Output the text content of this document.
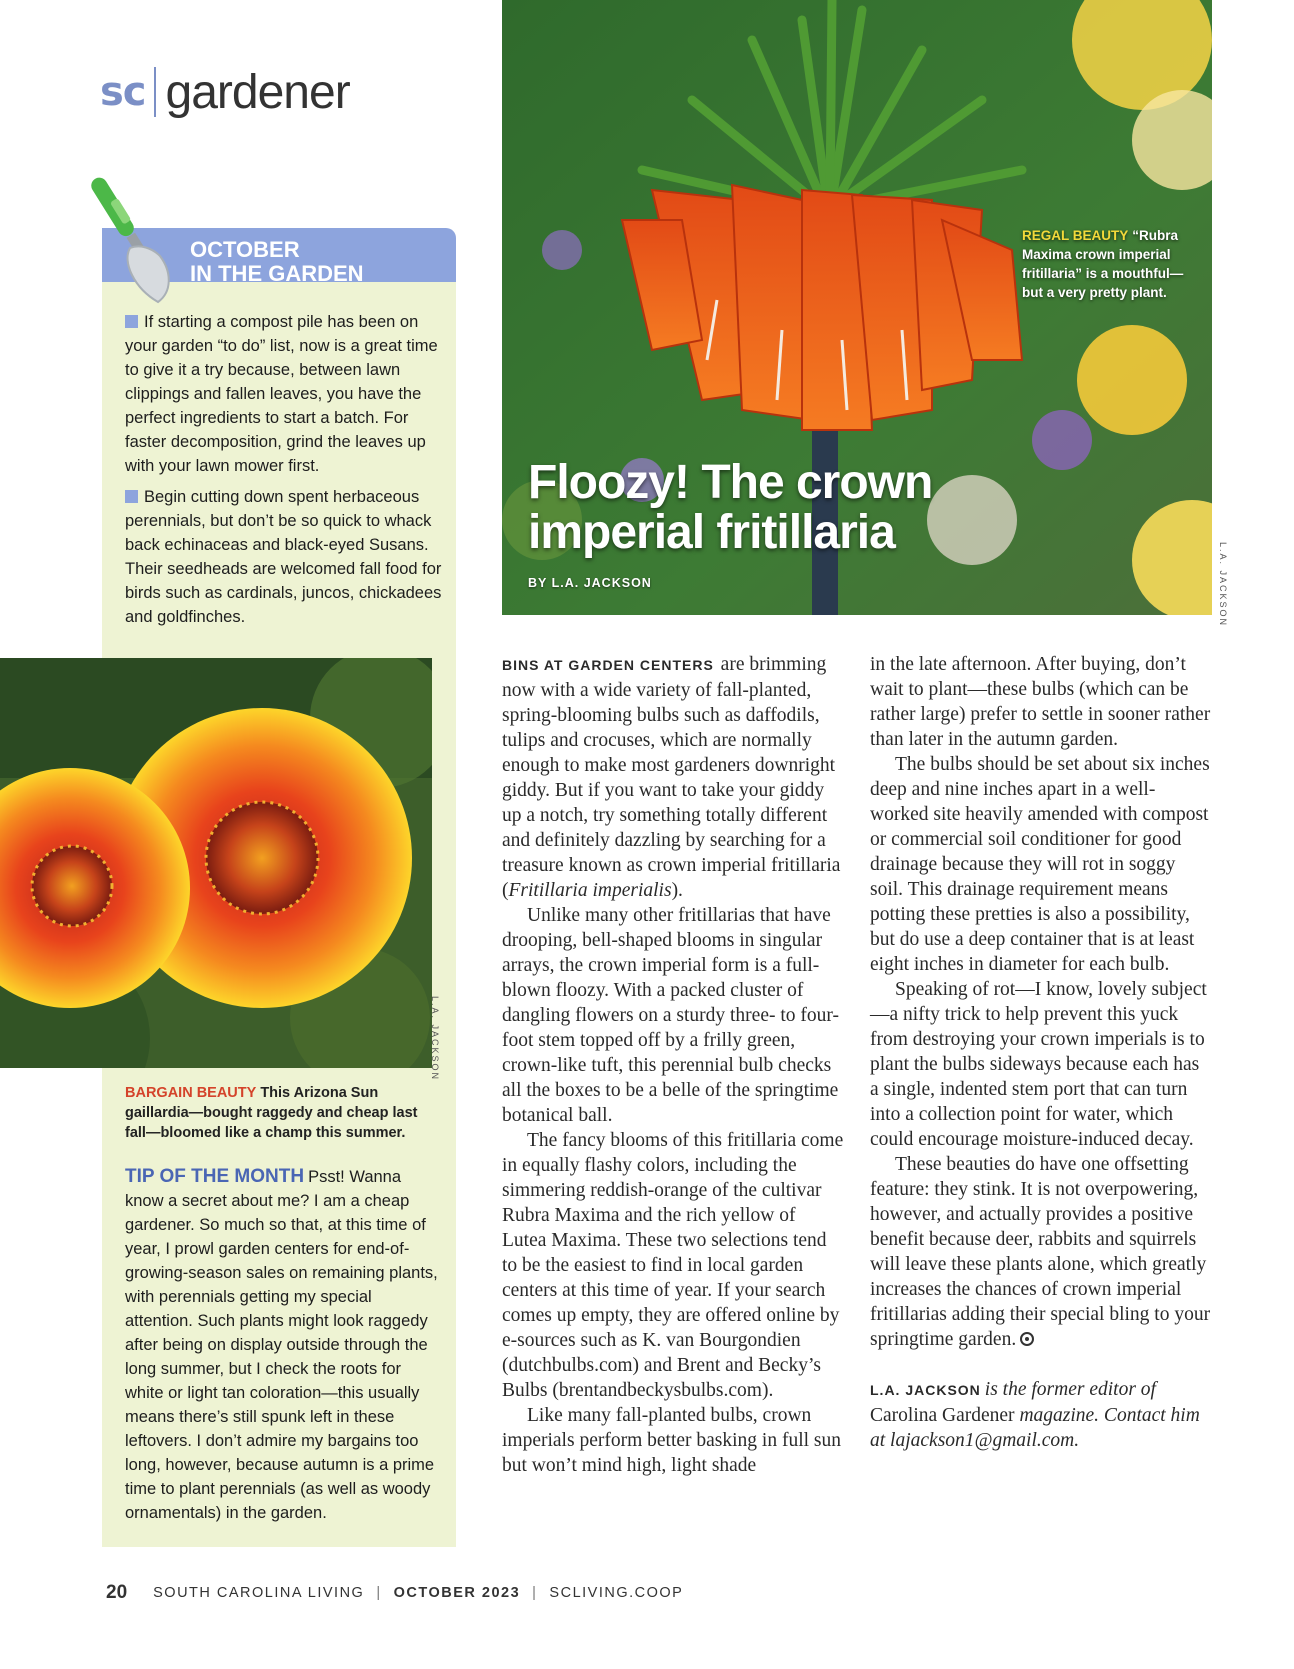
sc gardener
OCTOBER
IN THE GARDEN

If starting a compost pile has been on your garden “to do” list, now is a great time to give it a try because, between lawn clippings and fallen leaves, you have the perfect ingredients to start a batch. For faster decomposition, grind the leaves up with your lawn mower first.

Begin cutting down spent herbaceous perennials, but don’t be so quick to whack back echinaceas and black-eyed Susans. Their seedheads are welcomed fall food for birds such as cardinals, juncos, chickadees and goldfinches.

L.A. JACKSON
BARGAIN BEAUTY This Arizona Sun gaillardia—bought raggedy and cheap last fall—bloomed like a champ this summer.
TIP OF THE MONTH Psst! Wanna know a secret about me? I am a cheap gardener. So much so that, at this time of year, I prowl garden centers for end-of-growing-season sales on remaining plants, with perennials getting my special attention. Such plants might look raggedy after being on display outside through the long summer, but I check the roots for white or light tan coloration—this usually means there’s still spunk left in these leftovers. I don’t admire my bargains too long, however, because autumn is a prime time to plant perennials (as well as woody ornamentals) in the garden.
Floozy! The crown imperial fritillaria
BY L.A. JACKSON
REGAL BEAUTY “Rubra Maxima crown imperial fritillaria” is a mouthful—but a very pretty plant.
L.A. JACKSON

BINS AT GARDEN CENTERS are brimming now with a wide variety of fall-planted, spring-blooming bulbs such as daffodils, tulips and crocuses, which are normally enough to make most gardeners downright giddy. But if you want to take your giddy up a notch, try something totally different and definitely dazzling by searching for a treasure known as crown imperial fritillaria (Fritillaria imperialis).

Unlike many other fritillarias that have drooping, bell-shaped blooms in singular arrays, the crown imperial form is a full-blown floozy. With a packed cluster of dangling flowers on a sturdy three- to four-foot stem topped off by a frilly green, crown-like tuft, this perennial bulb checks all the boxes to be a belle of the springtime botanical ball.

The fancy blooms of this fritillaria come in equally flashy colors, including the simmering reddish-orange of the cultivar Rubra Maxima and the rich yellow of Lutea Maxima. These two selections tend to be the easiest to find in local garden centers at this time of year. If your search comes up empty, they are offered online by e-sources such as K. van Bourgondien (dutchbulbs.com) and Brent and Becky’s Bulbs (brentandbeckysbulbs.com).

Like many fall-planted bulbs, crown imperials perform better basking in full sun but won’t mind high, light shade

in the late afternoon. After buying, don’t wait to plant—these bulbs (which can be rather large) prefer to settle in sooner rather than later in the autumn garden.

The bulbs should be set about six inches deep and nine inches apart in a well-worked site heavily amended with compost or commercial soil conditioner for good drainage because they will rot in soggy soil. This drainage requirement means potting these pretties is also a possibility, but do use a deep container that is at least eight inches in diameter for each bulb.

Speaking of rot—I know, lovely subject—a nifty trick to help prevent this yuck from destroying your crown imperials is to plant the bulbs sideways because each has a single, indented stem port that can turn into a collection point for water, which could encourage moisture-induced decay.

These beauties do have one offsetting feature: they stink. It is not overpowering, however, and actually provides a positive benefit because deer, rabbits and squirrels will leave these plants alone, which greatly increases the chances of crown imperial fritillarias adding their special bling to your springtime garden.

L.A. JACKSON is the former editor of Carolina Gardener magazine. Contact him at lajackson1@gmail.com.

20 SOUTH CAROLINA LIVING | OCTOBER 2023 | SCLIVING.COOP
